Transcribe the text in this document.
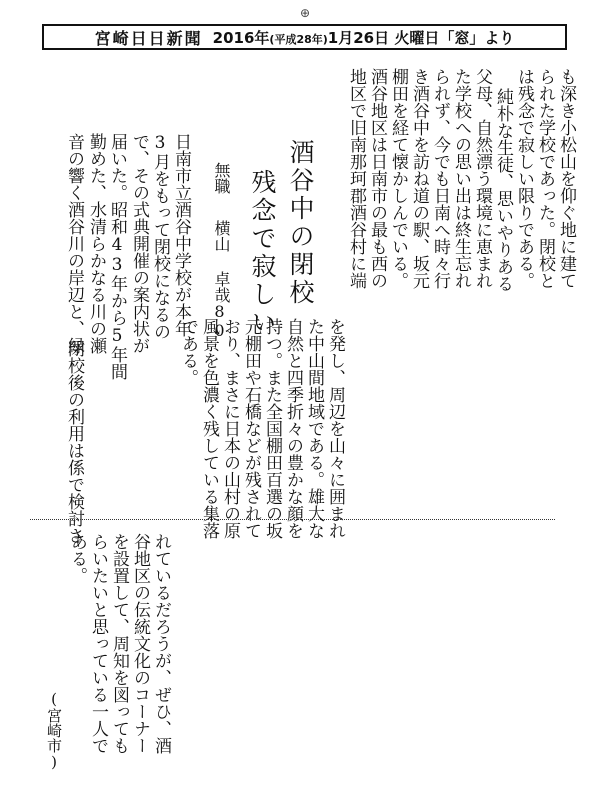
⊕
宮崎日日新聞 2016年(平成28年)1月26日 火曜日「窓」より
酒谷中の閉校
残念で寂しい
無職
横山 卓哉
80
日南市立酒谷中学校が本年
3月をもって閉校になるの
で、その式典開催の案内状が
届いた。昭和43年から5年間
勤めた、水清らかなる川の瀬
音の響く酒谷川の岸辺と、緑	も深き小松山を仰ぐ地に建て
られた学校であった。閉校と
は残念で寂しい限りである。
純朴な生徒、思いやりある
父母、自然漂う環境に恵まれ
た学校への思い出は終生忘れ
られず、今でも日南へ時々行
き酒谷中を訪ね道の駅、坂元
棚田を経て懐かしんでいる。
酒谷地区は日南市の最も西の
地区で旧南那珂郡酒谷村に端
を発し、周辺を山々に囲まれ
た中山間地域である。雄大な
自然と四季折々の豊かな顔を
持つ。また全国棚田百選の坂
元棚田や石橋などが残されて
おり、まさに日本の山村の原
風景を色濃く残している集落
である。
閉校後の利用は係で検討さ
れているだろうが、ぜひ、酒
谷地区の伝統文化のコーナー
を設置して、周知を図っても
らいたいと思っている一人で
ある。
(宮崎市)
